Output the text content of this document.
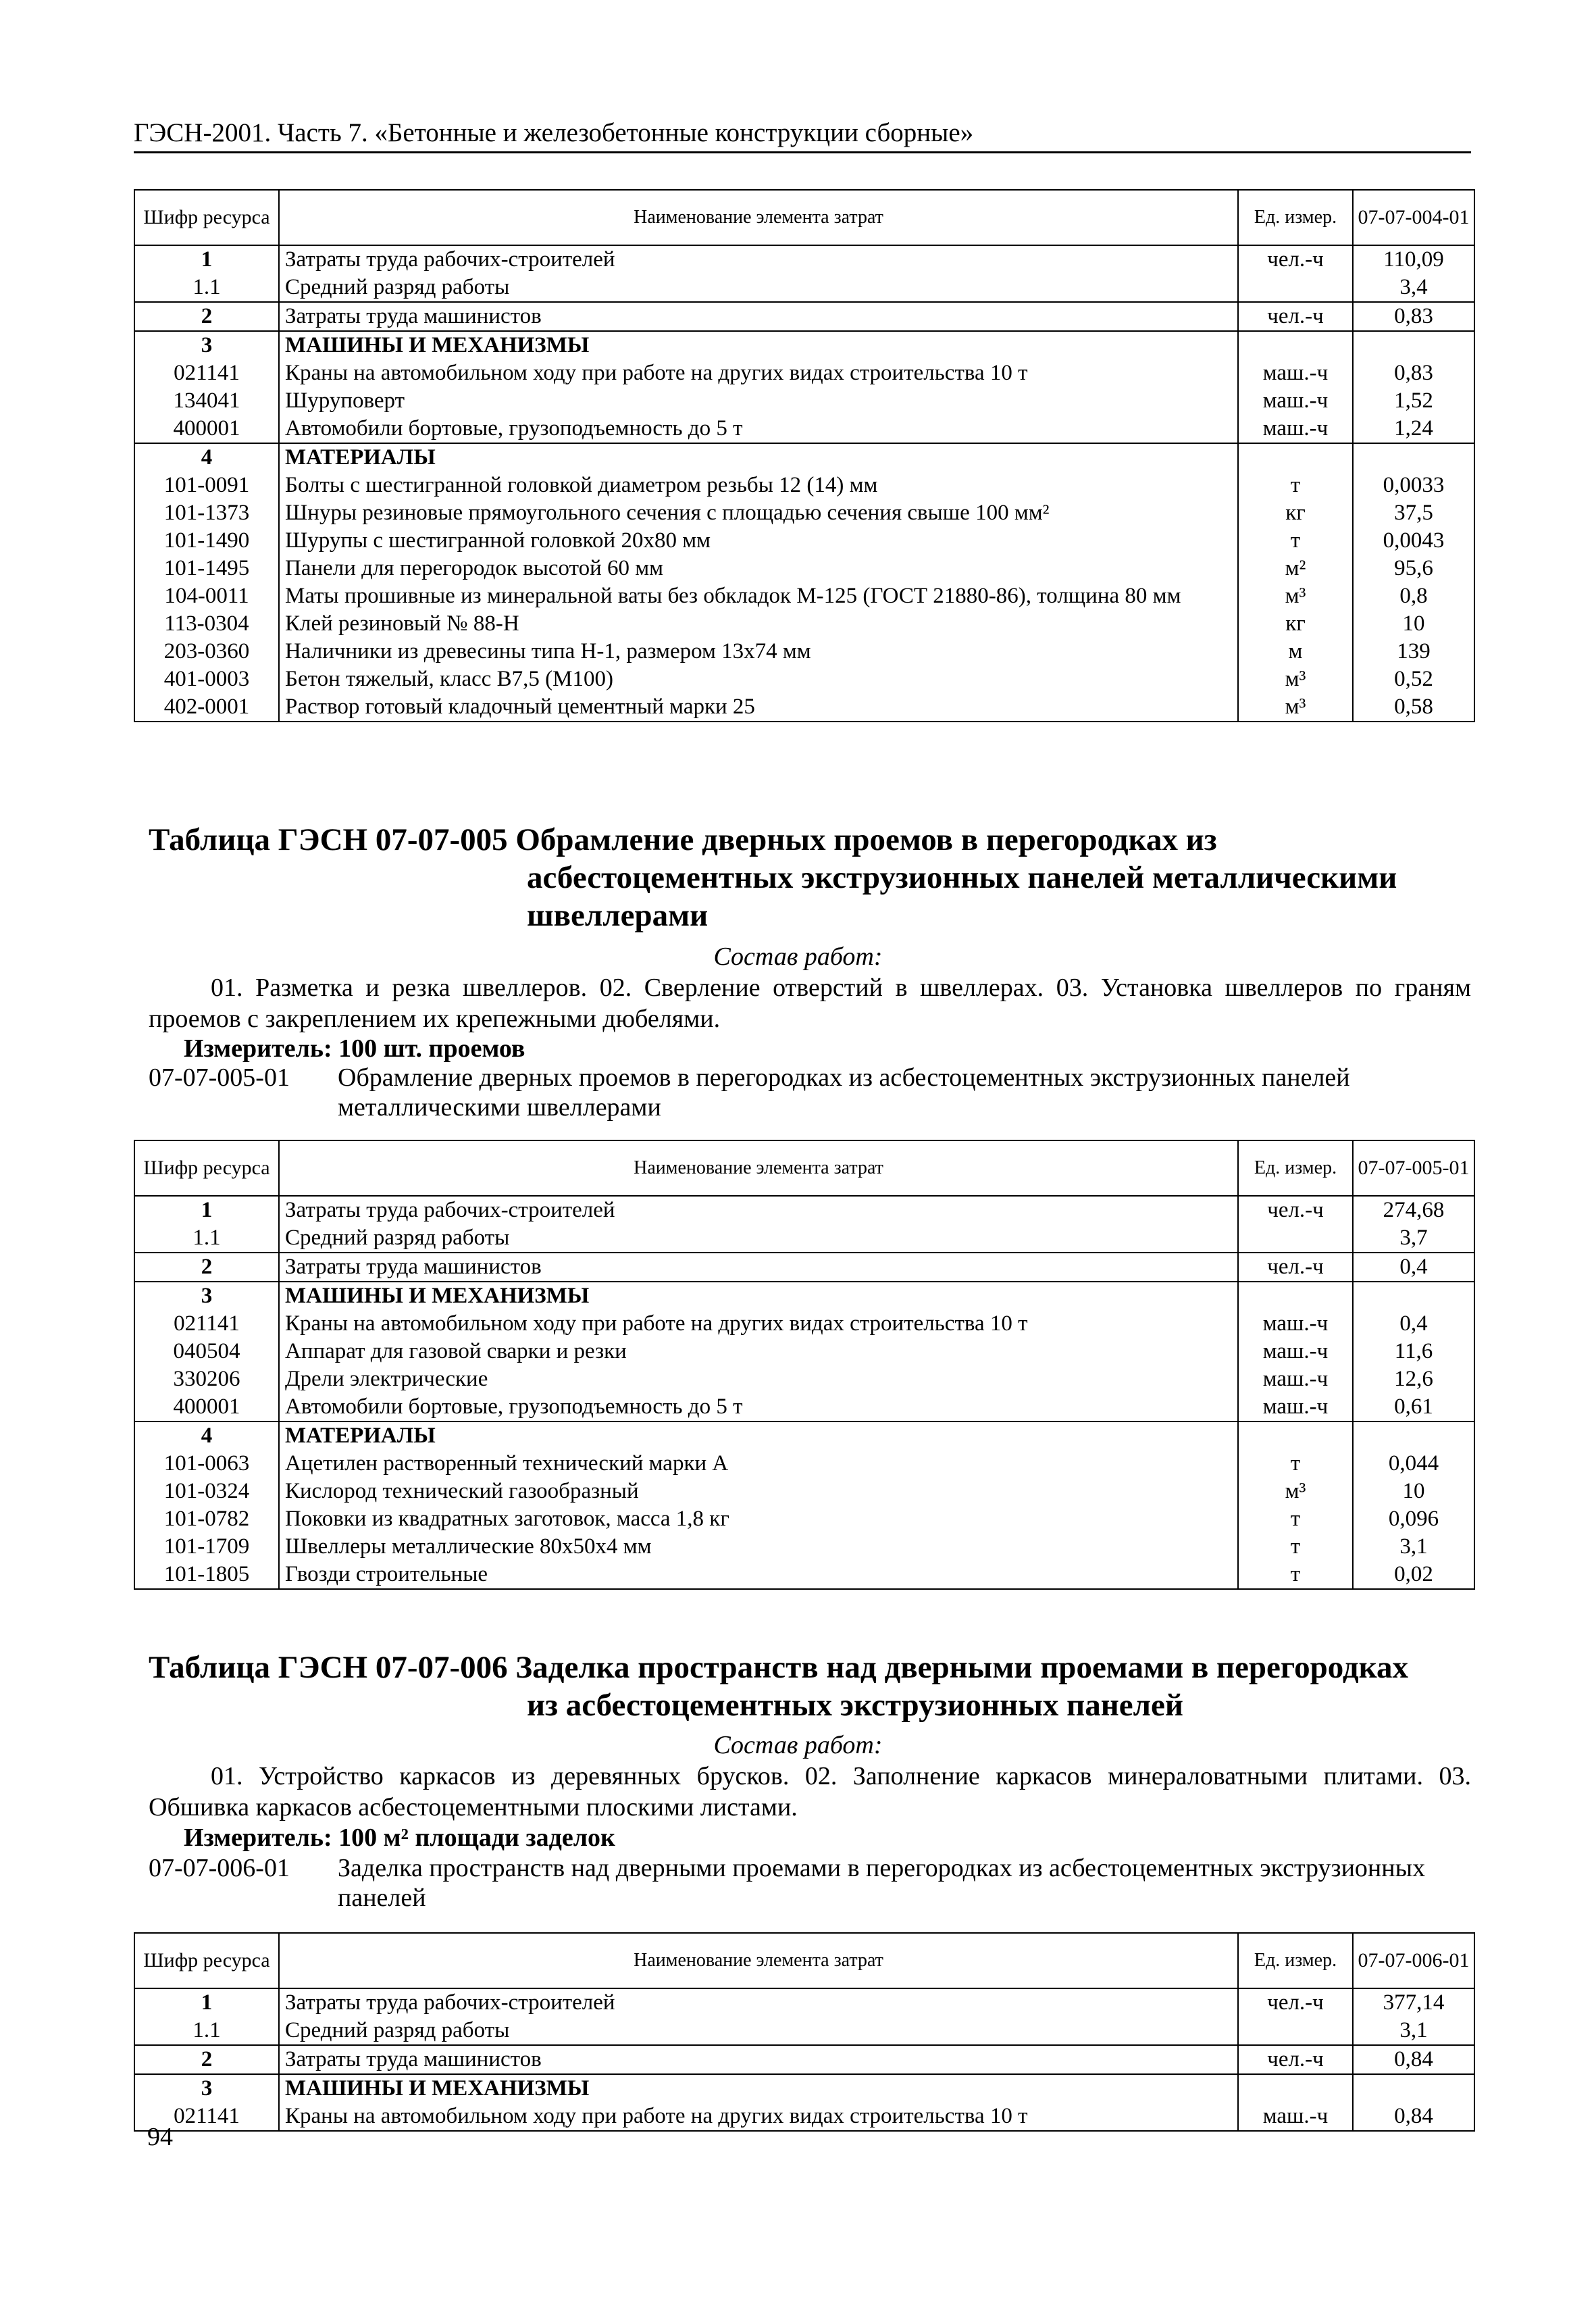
ГЭСН-2001. Часть 7. «Бетонные и железобетонные конструкции сборные»
Шифр ресурса	Наименование элемента затрат	Ед. измер.	07-07-004-01
1	Затраты труда рабочих-строителей	чел.-ч	110,09
1.1	Средний разряд работы		3,4
2	Затраты труда машинистов	чел.-ч	0,83
3	МАШИНЫ И МЕХАНИЗМЫ		
021141	Краны на автомобильном ходу при работе на других видах строительства 10 т	маш.-ч	0,83
134041	Шуруповерт	маш.-ч	1,52
400001	Автомобили бортовые, грузоподъемность до 5 т	маш.-ч	1,24
4	МАТЕРИАЛЫ		
101-0091	Болты с шестигранной головкой диаметром резьбы 12 (14) мм	т	0,0033
101-1373	Шнуры резиновые прямоугольного сечения с площадью сечения свыше 100 мм²	кг	37,5
101-1490	Шурупы с шестигранной головкой 20х80 мм	т	0,0043
101-1495	Панели для перегородок высотой 60 мм	м²	95,6
104-0011	Маты прошивные из минеральной ваты без обкладок М-125 (ГОСТ 21880-86), толщина 80 мм	м³	0,8
113-0304	Клей резиновый № 88-Н	кг	10
203-0360	Наличники из древесины типа Н-1, размером 13х74 мм	м	139
401-0003	Бетон тяжелый, класс В7,5 (М100)	м³	0,52
402-0001	Раствор готовый кладочный цементный марки 25	м³	0,58
Таблица ГЭСН 07-07-005 Обрамление дверных проемов в перегородках из
асбестоцементных экструзионных панелей металлическими
швеллерами
Состав работ:
01. Разметка и резка швеллеров. 02. Сверление отверстий в швеллерах. 03. Установка швеллеров по граням проемов с закреплением их крепежными дюбелями.
Измеритель: 100 шт. проемов
07-07-005-01 Обрамление дверных проемов в перегородках из асбестоцементных экструзионных панелей металлическими швеллерами
Шифр ресурса	Наименование элемента затрат	Ед. измер.	07-07-005-01
1	Затраты труда рабочих-строителей	чел.-ч	274,68
1.1	Средний разряд работы		3,7
2	Затраты труда машинистов	чел.-ч	0,4
3	МАШИНЫ И МЕХАНИЗМЫ		
021141	Краны на автомобильном ходу при работе на других видах строительства 10 т	маш.-ч	0,4
040504	Аппарат для газовой сварки и резки	маш.-ч	11,6
330206	Дрели электрические	маш.-ч	12,6
400001	Автомобили бортовые, грузоподъемность до 5 т	маш.-ч	0,61
4	МАТЕРИАЛЫ		
101-0063	Ацетилен растворенный технический марки А	т	0,044
101-0324	Кислород технический газообразный	м³	10
101-0782	Поковки из квадратных заготовок, масса 1,8 кг	т	0,096
101-1709	Швеллеры металлические 80х50х4 мм	т	3,1
101-1805	Гвозди строительные	т	0,02
Таблица ГЭСН 07-07-006 Заделка пространств над дверными проемами в перегородках
из асбестоцементных экструзионных панелей
Состав работ:
01. Устройство каркасов из деревянных брусков. 02. Заполнение каркасов минераловатными плитами. 03. Обшивка каркасов асбестоцементными плоскими листами.
Измеритель: 100 м² площади заделок
07-07-006-01 Заделка пространств над дверными проемами в перегородках из асбестоцементных экструзионных панелей
Шифр ресурса	Наименование элемента затрат	Ед. измер.	07-07-006-01
1	Затраты труда рабочих-строителей	чел.-ч	377,14
1.1	Средний разряд работы		3,1
2	Затраты труда машинистов	чел.-ч	0,84
3	МАШИНЫ И МЕХАНИЗМЫ		
021141	Краны на автомобильном ходу при работе на других видах строительства 10 т	маш.-ч	0,84
94
